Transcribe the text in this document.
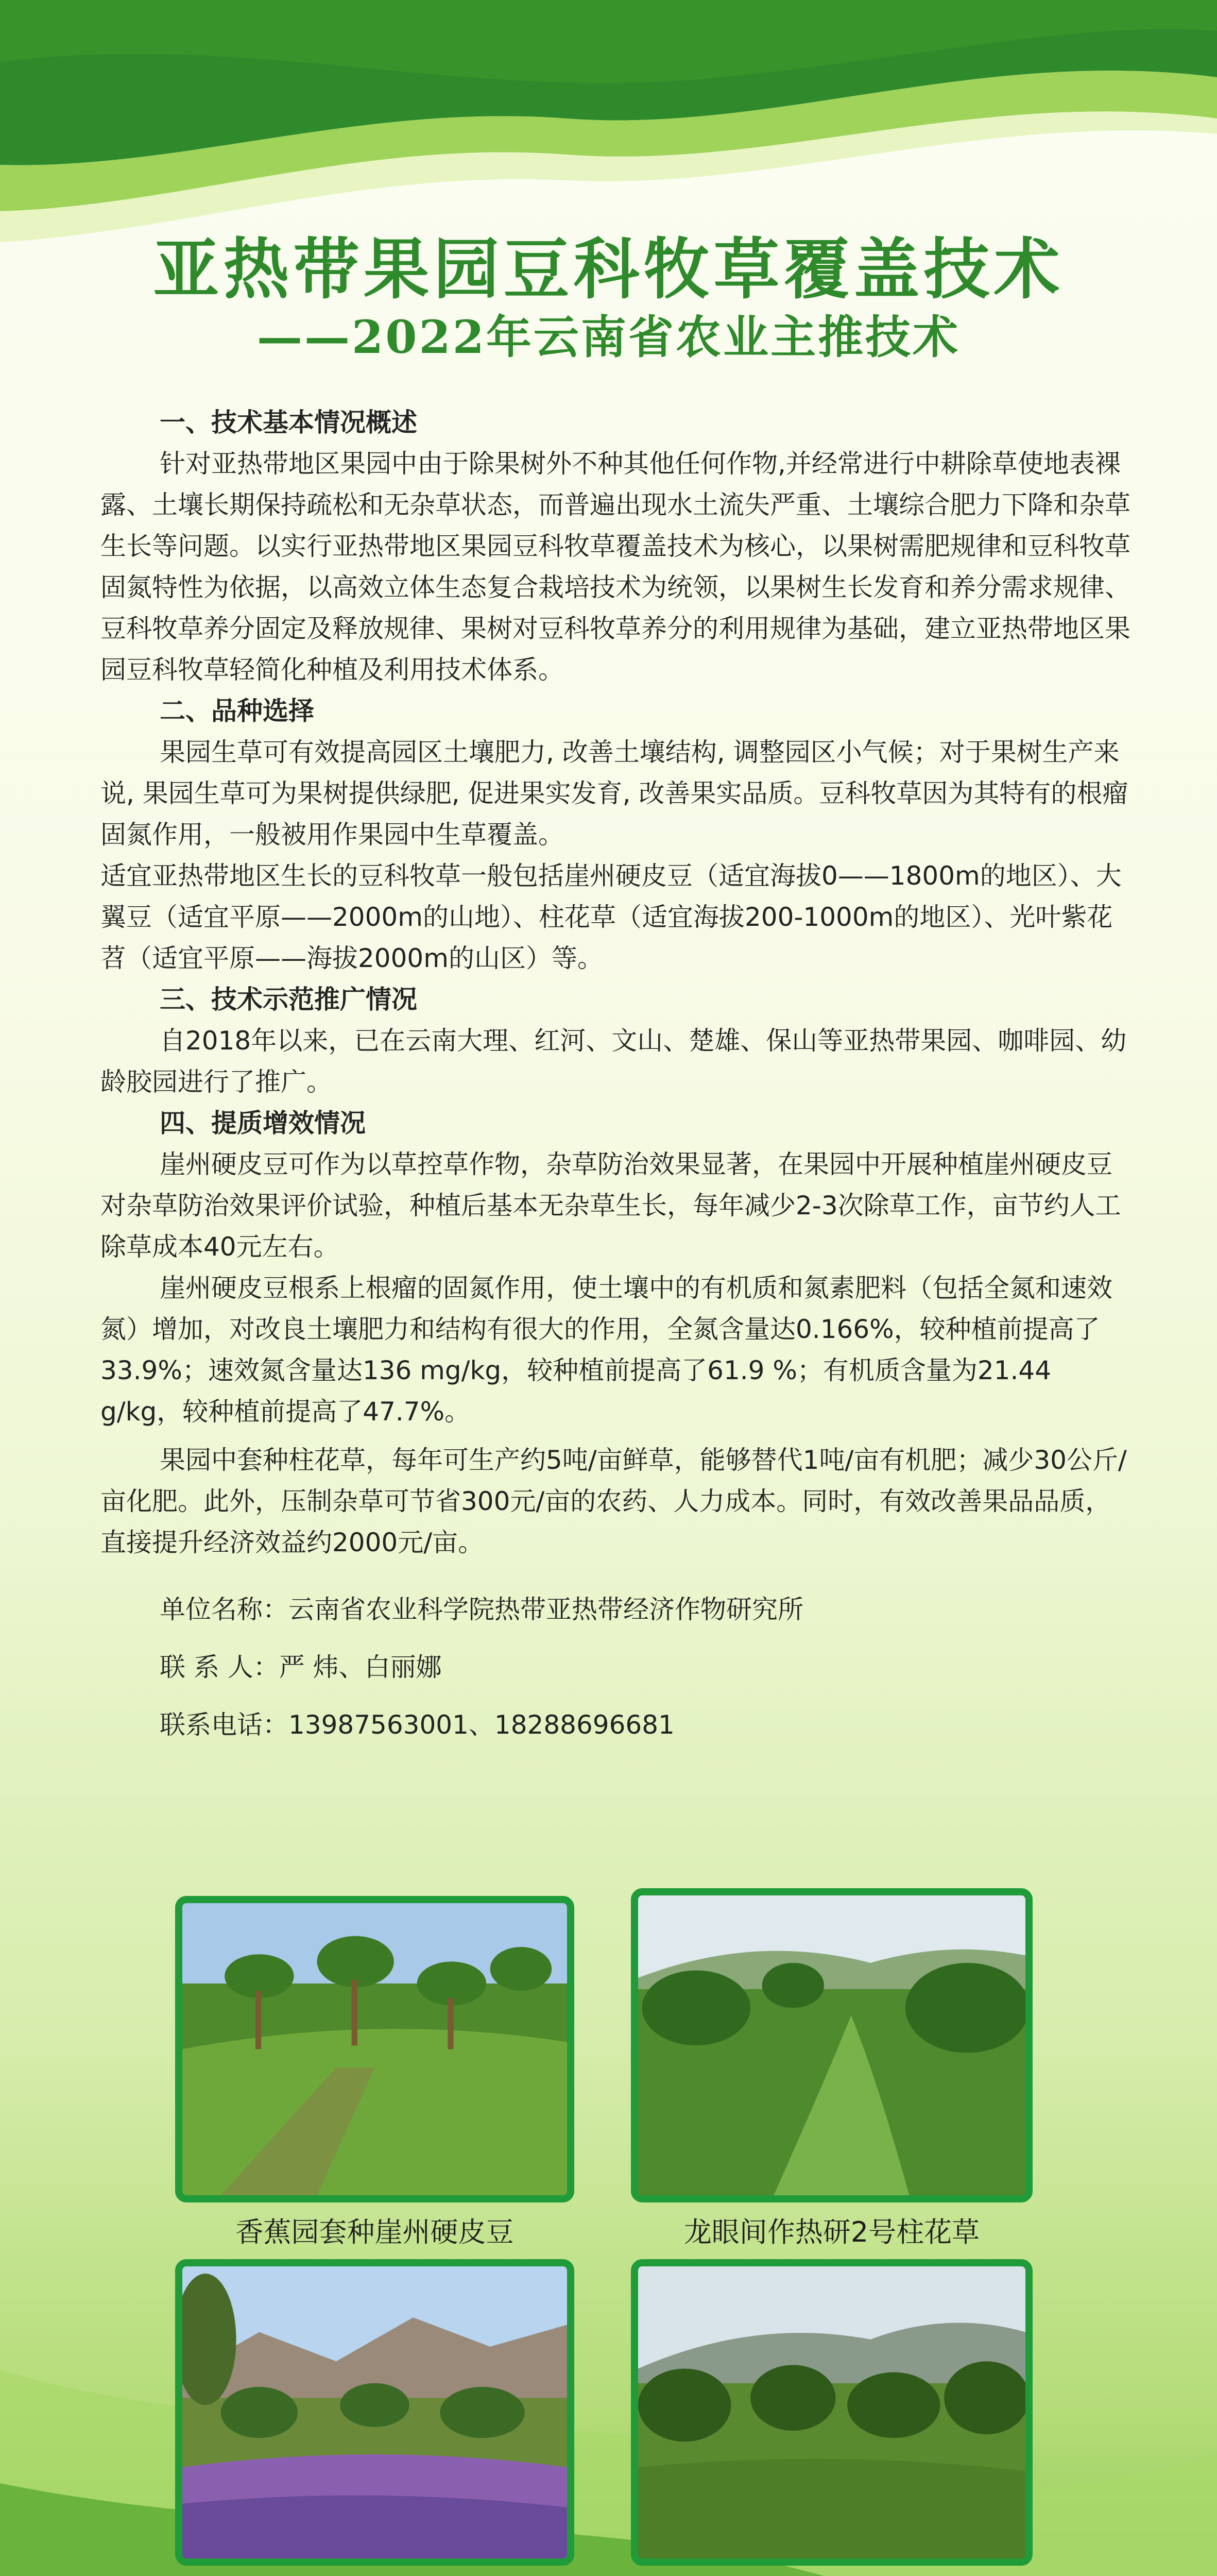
亚热带果园豆科牧草覆盖技术
——2022年云南省农业主推技术

一、技术基本情况概述

针对亚热带地区果园中由于除果树外不种其他任何作物,并经常进行中耕除草使地表裸露、土壤长期保持疏松和无杂草状态，而普遍出现水土流失严重、土壤综合肥力下降和杂草生长等问题。以实行亚热带地区果园豆科牧草覆盖技术为核心，以果树需肥规律和豆科牧草固氮特性为依据，以高效立体生态复合栽培技术为统领，以果树生长发育和养分需求规律、豆科牧草养分固定及释放规律、果树对豆科牧草养分的利用规律为基础，建立亚热带地区果园豆科牧草轻简化种植及利用技术体系。

二、品种选择

果园生草可有效提高园区土壤肥力, 改善土壤结构, 调整园区小气候；对于果树生产来说, 果园生草可为果树提供绿肥, 促进果实发育, 改善果实品质。豆科牧草因为其特有的根瘤固氮作用，一般被用作果园中生草覆盖。

适宜亚热带地区生长的豆科牧草一般包括崖州硬皮豆（适宜海拔0——1800m的地区）、大翼豆（适宜平原——2000m的山地）、柱花草（适宜海拔200-1000m的地区）、光叶紫花苕（适宜平原——海拔2000m的山区）等。

三、技术示范推广情况

自2018年以来，已在云南大理、红河、文山、楚雄、保山等亚热带果园、咖啡园、幼龄胶园进行了推广。

四、提质增效情况

崖州硬皮豆可作为以草控草作物，杂草防治效果显著，在果园中开展种植崖州硬皮豆对杂草防治效果评价试验，种植后基本无杂草生长，每年减少2-3次除草工作，亩节约人工除草成本40元左右。

崖州硬皮豆根系上根瘤的固氮作用，使土壤中的有机质和氮素肥料（包括全氮和速效氮）增加，对改良土壤肥力和结构有很大的作用，全氮含量达0.166%，较种植前提高了33.9%；速效氮含量达136 mg/kg，较种植前提高了61.9 %；有机质含量为21.44 g/kg，较种植前提高了47.7%。

果园中套种柱花草，每年可生产约5吨/亩鲜草，能够替代1吨/亩有机肥；减少30公斤/亩化肥。此外，压制杂草可节省300元/亩的农药、人力成本。同时，有效改善果品品质，直接提升经济效益约2000元/亩。

单位名称：云南省农业科学院热带亚热带经济作物研究所

联 系 人：严 炜、白丽娜

联系电话：13987563001、18288696681

香蕉园套种崖州硬皮豆	龙眼间作热研2号柱花草
